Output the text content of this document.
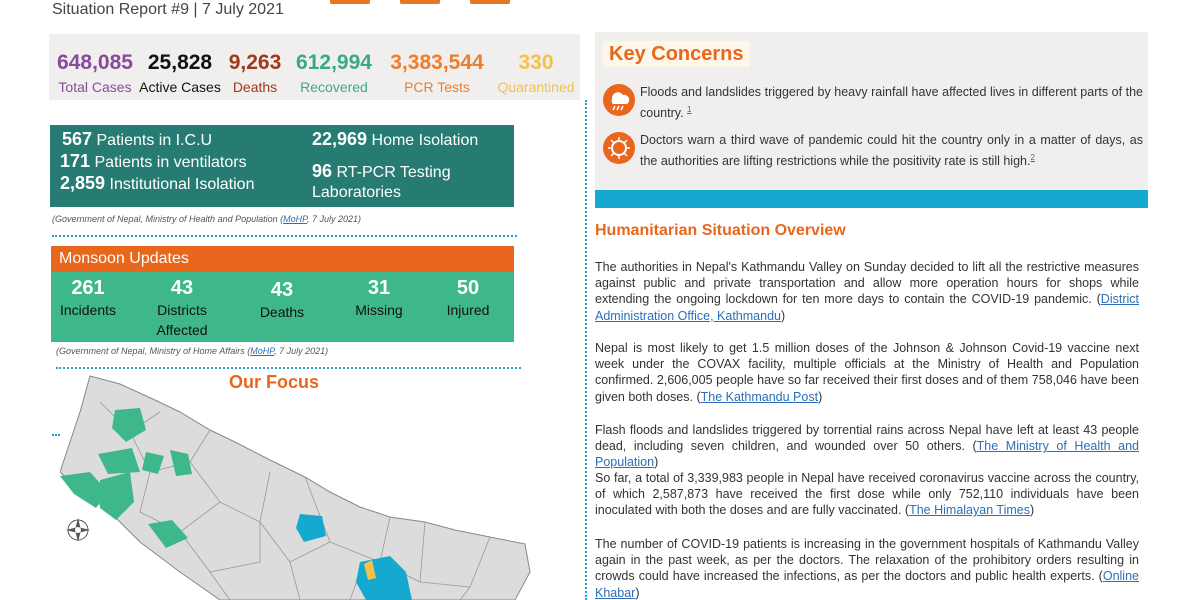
Situation Report #9 | 7 July 2021
648,085
Total Cases
25,828
Active Cases
9,263
Deaths
612,994
Recovered
3,383,544
PCR Tests
330
Quarantined
567 Patients in I.C.U
171 Patients in ventilators
2,859 Institutional Isolation
22,969 Home Isolation
96 RT-PCR Testing
Laboratories
(Government of Nepal, Ministry of Health and Population (MoHP, 7 July 2021)
Monsoon Updates
261
Incidents
43
Districts
Affected
43
Deaths
31
Missing
50
Injured
(Government of Nepal, Ministry of Home Affairs (MoHP, 7 July 2021)
Our Focus
Key Concerns
Floods and landslides triggered by heavy rainfall have affected lives in different parts of the country. $^1$
Doctors warn a third wave of pandemic could hit the country only in a matter of days, as the authorities are lifting restrictions while the positivity rate is still high.$^2$
Humanitarian Situation Overview
The authorities in Nepal's Kathmandu Valley on Sunday decided to lift all the restrictive measures against public and private transportation and allow more operation hours for shops while extending the ongoing lockdown for ten more days to contain the COVID-19 pandemic. (District Administration Office, Kathmandu)
Nepal is most likely to get 1.5 million doses of the Johnson & Johnson Covid-19 vaccine next week under the COVAX facility, multiple officials at the Ministry of Health and Population confirmed. 2,606,005 people have so far received their first doses and of them 758,046 have been given both doses. (The Kathmandu Post)
Flash floods and landslides triggered by torrential rains across Nepal have left at least 43 people dead, including seven children, and wounded over 50 others. (The Ministry of Health and Population)
So far, a total of 3,339,983 people in Nepal have received coronavirus vaccine across the country, of which 2,587,873 have received the first dose while only 752,110 individuals have been inoculated with both the doses and are fully vaccinated. (The Himalayan Times)
The number of COVID-19 patients is increasing in the government hospitals of Kathmandu Valley again in the past week, as per the doctors. The relaxation of the prohibitory orders resulting in crowds could have increased the infections, as per the doctors and public health experts. (Online Khabar)
